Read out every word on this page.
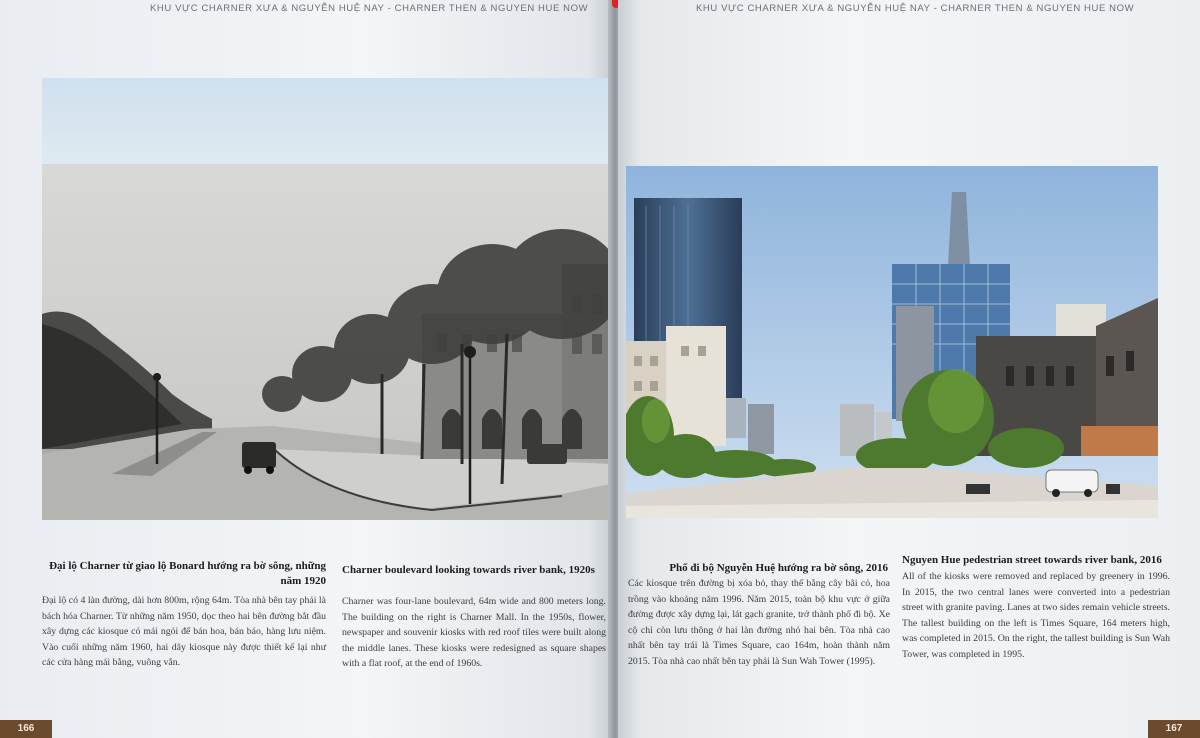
KHU VỰC CHARNER XƯA & NGUYỄN HUỆ NAY - CHARNER THEN & NGUYEN HUE NOW
Đại lộ Charner từ giao lộ Bonard hướng ra bờ sông, những năm 1920
Đại lộ có 4 làn đường, dài hơn 800m, rộng 64m. Tòa nhà bên tay phải là bách hóa Charner. Từ những năm 1950, dọc theo hai bên đường bắt đầu xây dựng các kiosque có mái ngói để bán hoa, bán báo, hàng lưu niệm. Vào cuối những năm 1960, hai dãy kiosque này được thiết kế lại như các cửa hàng mái bằng, vuông vắn.
Charner boulevard looking towards river bank, 1920s
Charner was four-lane boulevard, 64m wide and 800 meters long. The building on the right is Charner Mall. In the 1950s, flower, newspaper and souvenir kiosks with red roof tiles were built along the middle lanes. These kiosks were redesigned as square shapes with a flat roof, at the end of 1960s.
166
KHU VỰC CHARNER XƯA & NGUYỄN HUỆ NAY - CHARNER THEN & NGUYEN HUE NOW
Phố đi bộ Nguyễn Huệ hướng ra bờ sông, 2016
Các kiosque trên đường bị xóa bỏ, thay thế bằng cây bãi cỏ, hoa trồng vào khoảng năm 1996. Năm 2015, toàn bộ khu vực ở giữa đường được xây dựng lại, lát gạch granite, trở thành phố đi bộ. Xe cộ chỉ còn lưu thông ở hai làn đường nhỏ hai bên. Tòa nhà cao nhất bên tay trái là Times Square, cao 164m, hoàn thành năm 2015. Tòa nhà cao nhất bên tay phải là Sun Wah Tower (1995).
Nguyen Hue pedestrian street towards river bank, 2016
All of the kiosks were removed and replaced by greenery in 1996. In 2015, the two central lanes were converted into a pedestrian street with granite paving. Lanes at two sides remain vehicle streets. The tallest building on the left is Times Square, 164 meters high, was completed in 2015. On the right, the tallest building is Sun Wah Tower, was completed in 1995.
167
